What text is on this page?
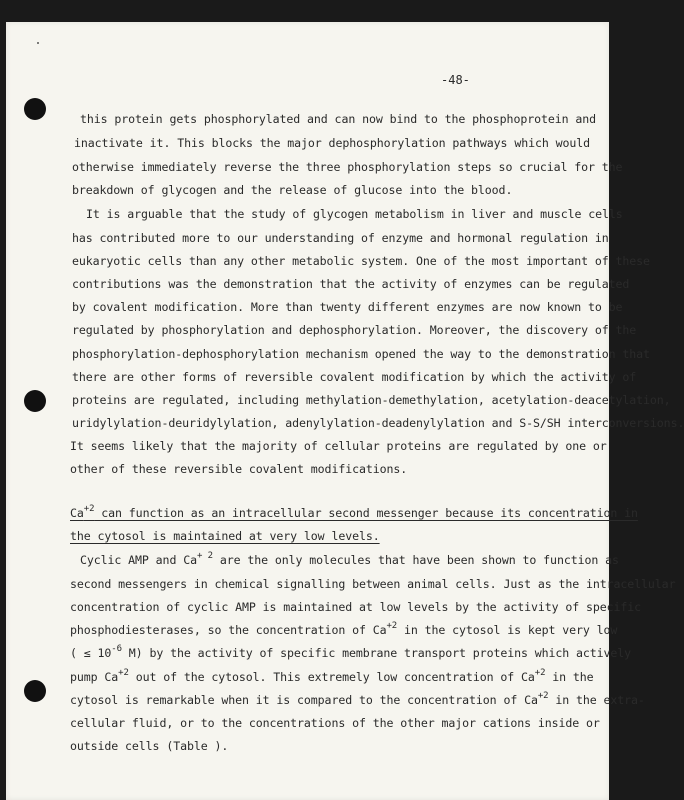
-48-
this protein gets phosphorylated and can now bind to the phosphoprotein and
inactivate it. This blocks the major dephosphorylation pathways which would
otherwise immediately reverse the three phosphorylation steps so crucial for the
breakdown of glycogen and the release of glucose into the blood.
It is arguable that the study of glycogen metabolism in liver and muscle cells
has contributed more to our understanding of enzyme and hormonal regulation in
eukaryotic cells than any other metabolic system. One of the most important of these
contributions was the demonstration that the activity of enzymes can be regulated
by covalent modification. More than twenty different enzymes are now known to be
regulated by phosphorylation and dephosphorylation. Moreover, the discovery of the
phosphorylation-dephosphorylation mechanism opened the way to the demonstration that
there are other forms of reversible covalent modification by which the activity of
proteins are regulated, including methylation-demethylation, acetylation-deacetylation,
uridylylation-deuridylylation, adenylylation-deadenylylation and S-S/SH interconversions.
It seems likely that the majority of cellular proteins are regulated by one or
other of these reversible covalent modifications.
$Ca^{+2}$ can function as an intracellular second messenger because its concentration in
the cytosol is maintained at very low levels.
Cyclic AMP and $Ca^{+ 2}$ are the only molecules that have been shown to function as
second messengers in chemical signalling between animal cells. Just as the intracellular
concentration of cyclic AMP is maintained at low levels by the activity of specific
phosphodiesterases, so the concentration of $Ca^{+2}$ in the cytosol is kept very low
( ≤ $10^{-6}$ M) by the activity of specific membrane transport proteins which actively
pump $Ca^{+2}$ out of the cytosol. This extremely low concentration of $Ca^{+2}$ in the
cytosol is remarkable when it is compared to the concentration of $Ca^{+2}$ in the extra-
cellular fluid, or to the concentrations of the other major cations inside or
outside cells (Table ).
